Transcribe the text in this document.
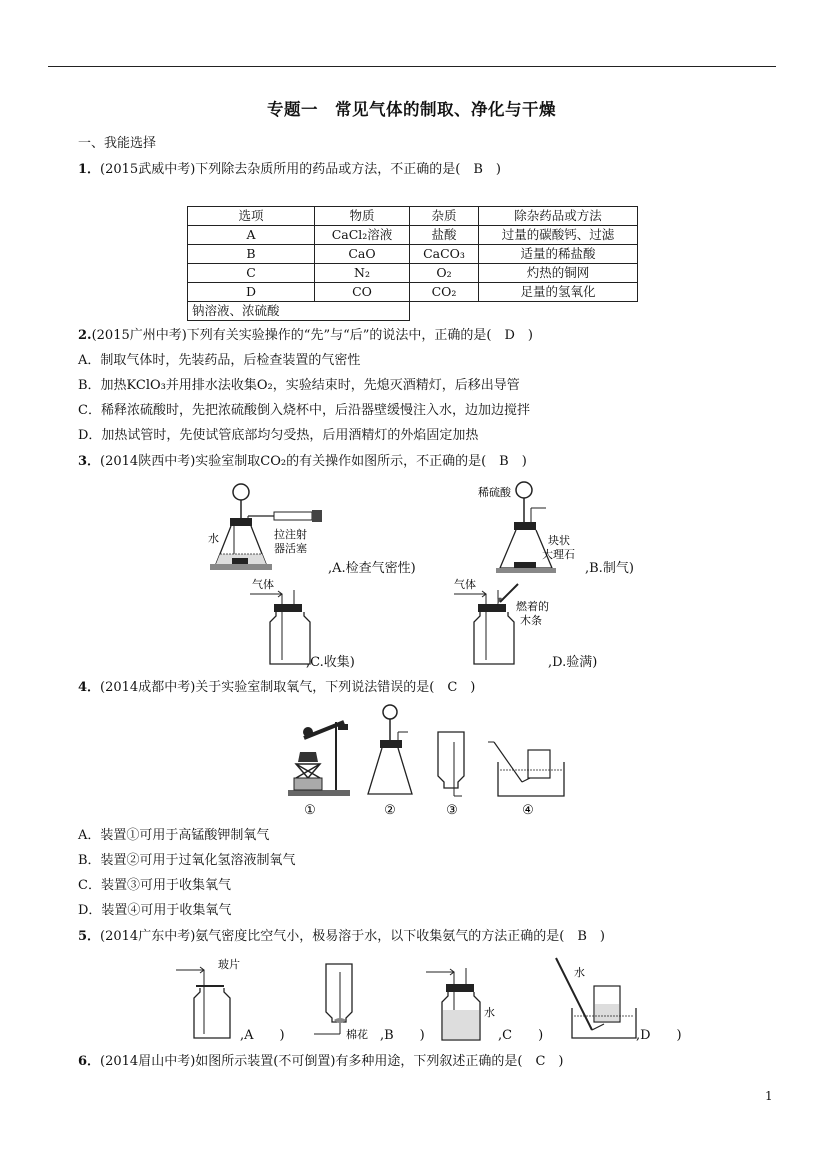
专题一　常见气体的制取、净化与干燥
一、我能选择
1．(2015武威中考)下列除去杂质所用的药品或方法，不正确的是(　B　)
选项	物质	杂质	除杂药品或方法
A	CaCl₂溶液	盐酸	过量的碳酸钙、过滤
B	CaO	CaCO₃	适量的稀盐酸
C	N₂	O₂	灼热的铜网
D	CO	CO₂	足量的氢氧化
钠溶液、浓硫酸			
2.(2015广州中考)下列有关实验操作的“先”与“后”的说法中，正确的是(　D　)
A．制取气体时，先装药品，后检查装置的气密性
B．加热KClO₃并用排水法收集O₂，实验结束时，先熄灭酒精灯，后移出导管
C．稀释浓硫酸时，先把浓硫酸倒入烧杯中，后沿器壁缓慢注入水，边加边搅拌
D．加热试管时，先使试管底部均匀受热，后用酒精灯的外焰固定加热
3．(2014陕西中考)实验室制取CO₂的有关操作如图所示，不正确的是(　B　)
水	拉注射
器活塞
,A.检查气密性)
稀硫酸
块状
大理石
,B.制气)
气体
,C.收集)
气体
燃着的
木条
,D.验满)
4．(2014成都中考)关于实验室制取氧气，下列说法错误的是(　C　)
①	②	③	④
A．装置①可用于高锰酸钾制氧气
B．装置②可用于过氧化氢溶液制氧气
C．装置③可用于收集氧气
D．装置④可用于收集氧气
5．(2014广东中考)氨气密度比空气小，极易溶于水，以下收集氨气的方法正确的是(　B　)
玻片
,A　　)	棉花 ,B　　)
水
,C　　)
水
,D　　)
6．(2014眉山中考)如图所示装置(不可倒置)有多种用途，下列叙述正确的是(　C　)
1
